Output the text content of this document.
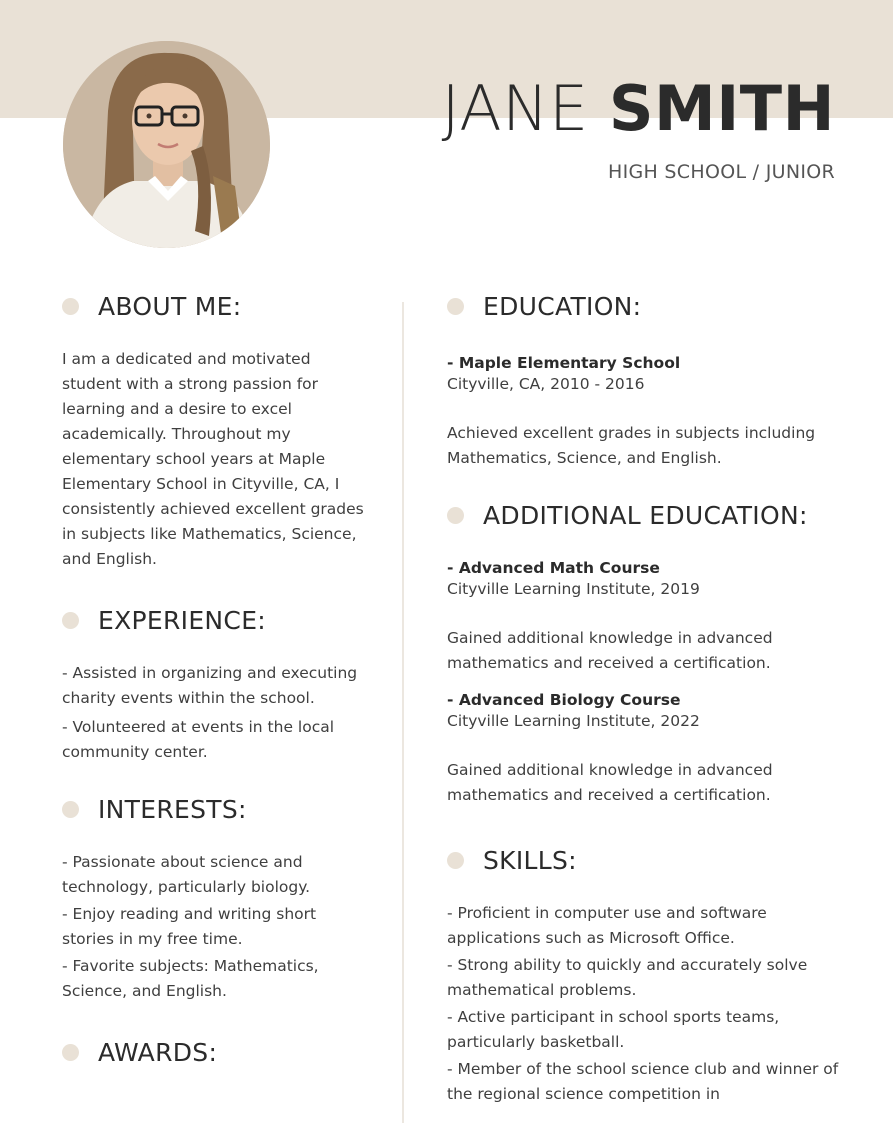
JANE SMITH
HIGH SCHOOL / JUNIOR
ABOUT ME:

I am a dedicated and motivated student with a strong passion for learning and a desire to excel academically. Throughout my elementary school years at Maple Elementary School in Cityville, CA, I consistently achieved excellent grades in subjects like Mathematics, Science, and English.

EXPERIENCE:

- Assisted in organizing and executing charity events within the school.

- Volunteered at events in the local community center.

INTERESTS:

- Passionate about science and technology, particularly biology.

- Enjoy reading and writing short stories in my free time.

- Favorite subjects: Mathematics, Science, and English.

AWARDS:
EDUCATION:

- Maple Elementary School

Cityville, CA, 2010 - 2016

Achieved excellent grades in subjects including Mathematics, Science, and English.

ADDITIONAL EDUCATION:

- Advanced Math Course

Cityville Learning Institute, 2019

Gained additional knowledge in advanced mathematics and received a certification.

- Advanced Biology Course

Cityville Learning Institute, 2022

Gained additional knowledge in advanced mathematics and received a certification.

SKILLS:

- Proficient in computer use and software applications such as Microsoft Office.

- Strong ability to quickly and accurately solve mathematical problems.

- Active participant in school sports teams, particularly basketball.

- Member of the school science club and winner of the regional science competition in
